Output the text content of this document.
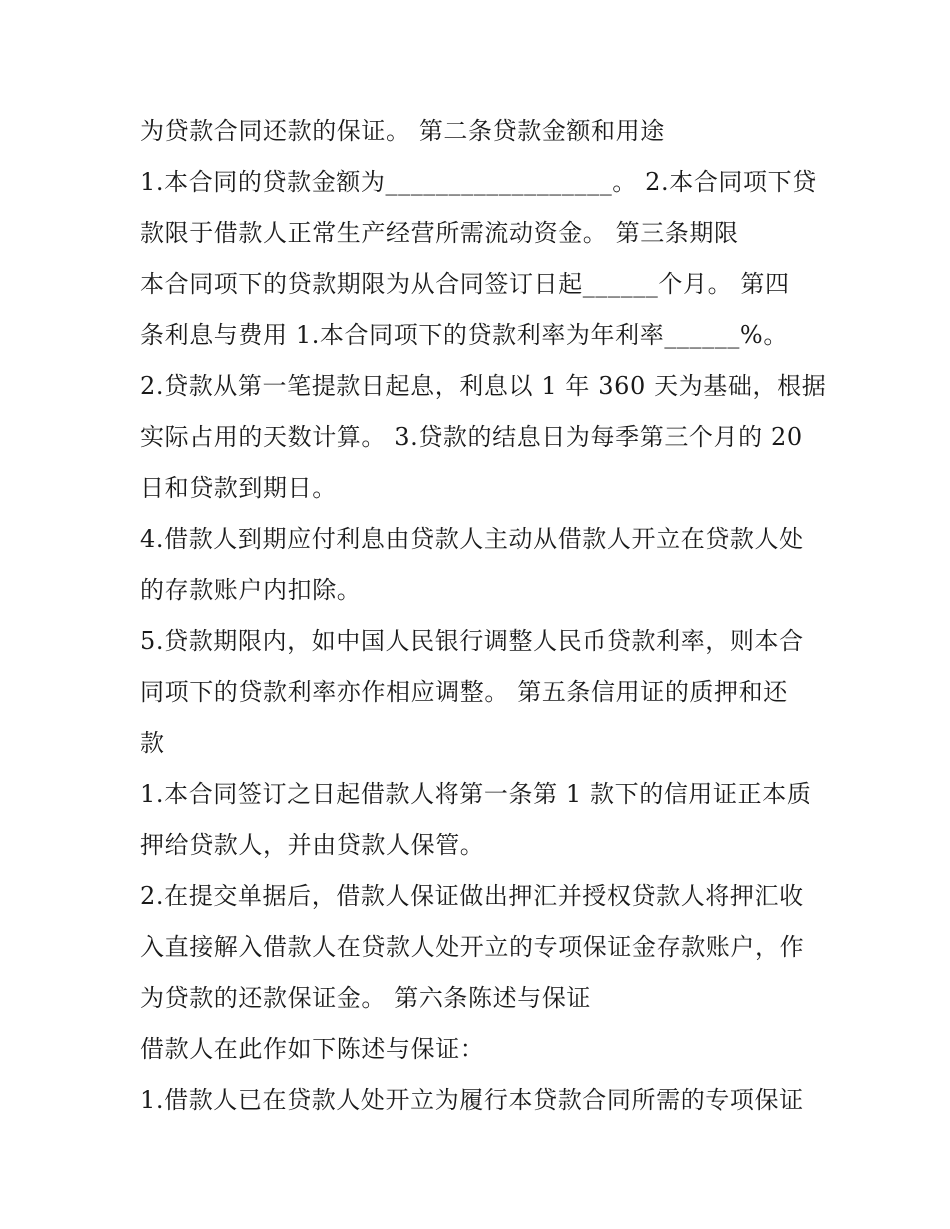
为贷款合同还款的保证。 第二条贷款金额和用途
1.本合同的贷款金额为__________________。 2.本合同项下贷
款限于借款人正常生产经营所需流动资金。 第三条期限
本合同项下的贷款期限为从合同签订日起______个月。 第四
条利息与费用 1.本合同项下的贷款利率为年利率______%。
2.贷款从第一笔提款日起息，利息以 1 年 360 天为基础，根据
实际占用的天数计算。 3.贷款的结息日为每季第三个月的 20
日和贷款到期日。
4.借款人到期应付利息由贷款人主动从借款人开立在贷款人处
的存款账户内扣除。
5.贷款期限内，如中国人民银行调整人民币贷款利率，则本合
同项下的贷款利率亦作相应调整。 第五条信用证的质押和还
款
1.本合同签订之日起借款人将第一条第 1 款下的信用证正本质
押给贷款人，并由贷款人保管。
2.在提交单据后，借款人保证做出押汇并授权贷款人将押汇收
入直接解入借款人在贷款人处开立的专项保证金存款账户，作
为贷款的还款保证金。 第六条陈述与保证
借款人在此作如下陈述与保证：
1.借款人已在贷款人处开立为履行本贷款合同所需的专项保证
